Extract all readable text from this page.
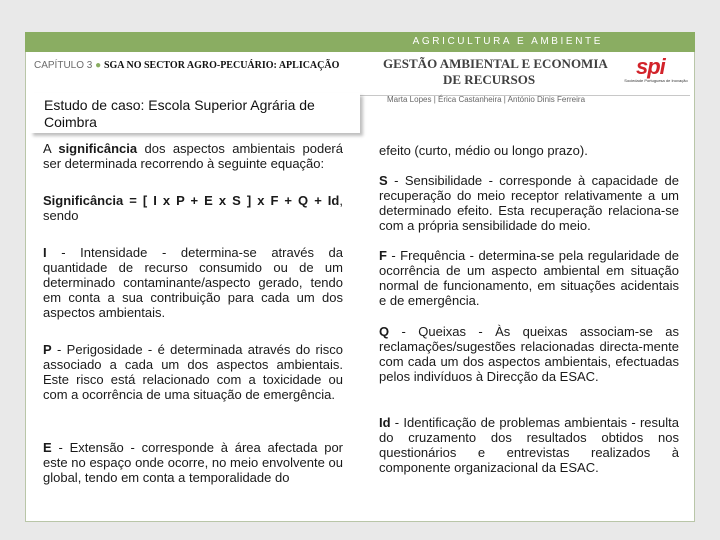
AGRICULTURA E AMBIENTE
CAPÍTULO 3 ● SGA NO SECTOR AGRO-PECUÁRIO: APLICAÇÃO	GESTÃO AMBIENTAL E ECONOMIA
DE RECURSOS
spi
Sociedade Portuguesa de Inovação
Marta Lopes | Érica Castanheira | António Dinis Ferreira
Estudo de caso: Escola Superior Agrária de Coimbra

A significância dos aspectos ambientais poderá ser determinada recorrendo à seguinte equação:

Significância = [ I x P + E x S ] x F + Q + Id, sendo

I - Intensidade - determina-se através da quantidade de recurso consumido ou de um determinado contaminante/aspecto gerado, tendo em conta a sua contribuição para cada um dos aspectos ambientais.

P - Perigosidade - é determinada através do risco associado a cada um dos aspectos ambientais. Este risco está relacionado com a toxicidade ou com a ocorrência de uma situação de emergência.

E - Extensão - corresponde à área afectada por este no espaço onde ocorre, no meio envolvente ou global, tendo em conta a temporalidade do

efeito (curto, médio ou longo prazo).

S - Sensibilidade - corresponde à capacidade de recuperação do meio receptor relativamente a um determinado efeito. Esta recuperação relaciona-se com a própria sensibilidade do meio.

F - Frequência - determina-se pela regularidade de ocorrência de um aspecto ambiental em situação normal de funcionamento, em situações acidentais e de emergência.

Q - Queixas - Às queixas associam-se as reclamações/sugestões relacionadas directa-mente com cada um dos aspectos ambientais, efectuadas pelos indivíduos à Direcção da ESAC.

Id - Identificação de problemas ambientais - resulta do cruzamento dos resultados obtidos nos questionários e entrevistas realizados à componente organizacional da ESAC.
